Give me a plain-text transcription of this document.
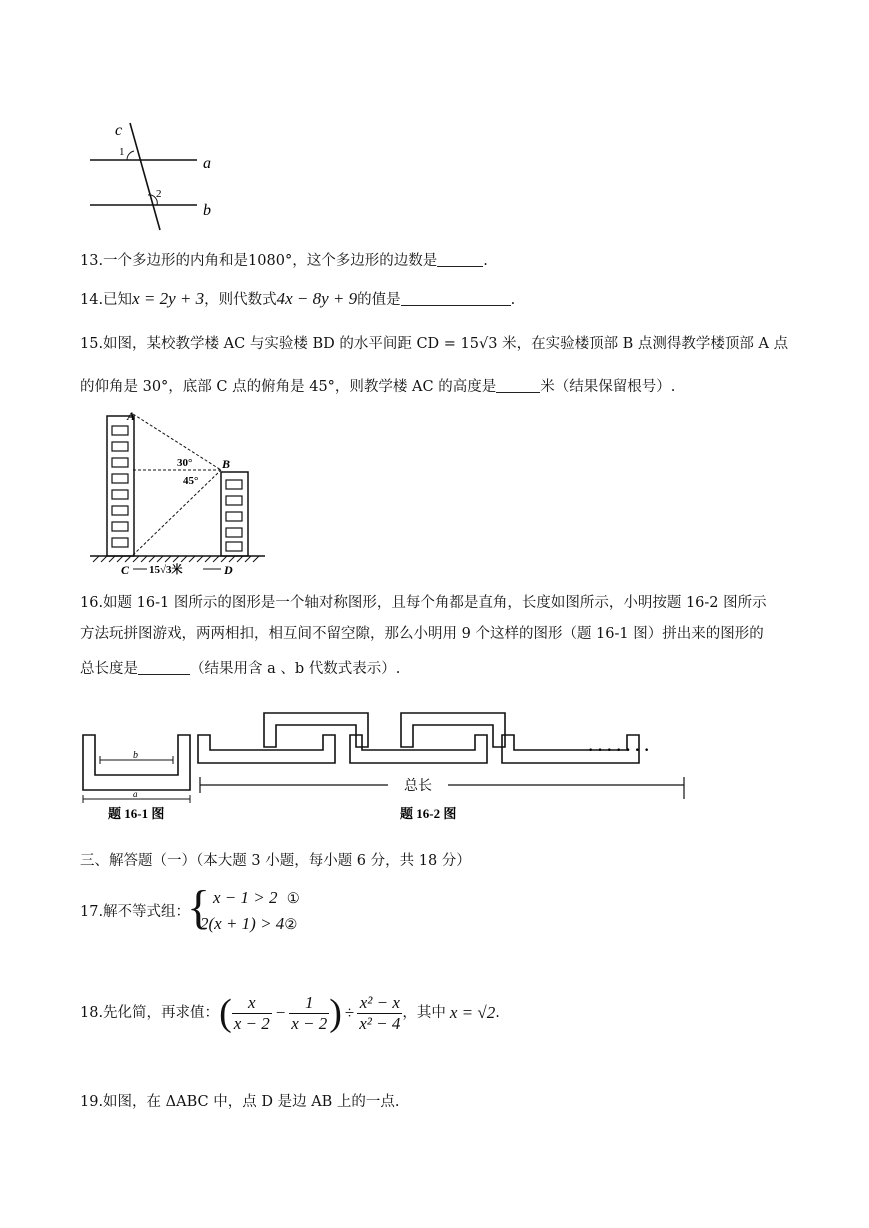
c
1
2
a
b
13.一个多边形的内角和是1080°，这个多边形的边数是	.
14.已知x = 2y + 3，则代数式4x − 8y + 9的值是	.
15.如图，某校教学楼 AC 与实验楼 BD 的水平间距 CD = 15√3 米，在实验楼顶部 B 点测得教学楼顶部 A 点
的仰角是 30°，底部 C 点的俯角是 45°，则教学楼 AC 的高度是	米（结果保留根号）.
A
B
30°
45°
C	D
15√3米
16.如题 16-1 图所示的图形是一个轴对称图形，且每个角都是直角，长度如图所示，小明按题 16-2 图所示
方法玩拼图游戏，两两相扣，相互间不留空隙，那么小明用 9 个这样的图形（题 16-1 图）拼出来的图形的
总长度是	（结果用含 a 、b 代数式表示）.
b
a
· · · · · · ·
总长
题 16-1 图	题 16-2 图
三、解答题（一）（本大题 3 小题，每小题 6 分，共 18 分）
17.解不等式组：
{ x − 1 > 2 ①
2(x + 1) > 4②
18.先化简，再求值： ( $\frac{x}{x - 2} - \frac{1}{x - 2}$ ) ÷ $\frac{\text{x² − x}}{\text{x² − 4}}$ ，其中 x = √2 .
19.如图，在 ΔABC 中，点 D 是边 AB 上的一点.
